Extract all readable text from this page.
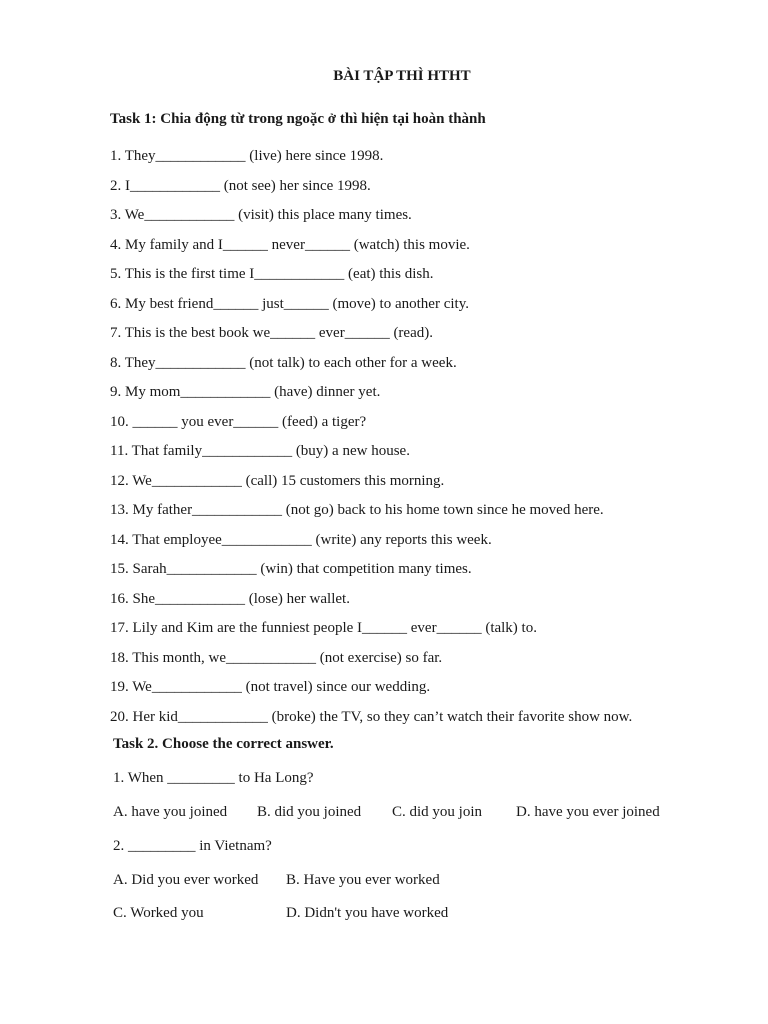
BÀI TẬP THÌ HTHT
Task 1: Chia động từ trong ngoặc ở thì hiện tại hoàn thành
1. They____________ (live) here since 1998.
2. I____________ (not see) her since 1998.
3. We____________ (visit) this place many times.
4. My family and I______ never______ (watch) this movie.
5. This is the first time I____________ (eat) this dish.
6. My best friend______ just______ (move) to another city.
7. This is the best book we______ ever______ (read).
8. They____________ (not talk) to each other for a week.
9. My mom____________ (have) dinner yet.
10. ______ you ever______ (feed) a tiger?
11. That family____________ (buy) a new house.
12. We____________ (call) 15 customers this morning.
13. My father____________ (not go) back to his home town since he moved here.
14. That employee____________ (write) any reports this week.
15. Sarah____________ (win) that competition many times.
16. She____________ (lose) her wallet.
17. Lily and Kim are the funniest people I______ ever______ (talk) to.
18. This month, we____________ (not exercise) so far.
19. We____________ (not travel) since our wedding.
20. Her kid____________ (broke) the TV, so they can’t watch their favorite show now.
Task 2. Choose the correct answer.
1. When _________ to Ha Long?
A. have you joined B. did you joined C. did you join D. have you ever joined
2. _________ in Vietnam?
A. Did you ever worked B. Have you ever worked
C. Worked you	D. Didn't you have worked
